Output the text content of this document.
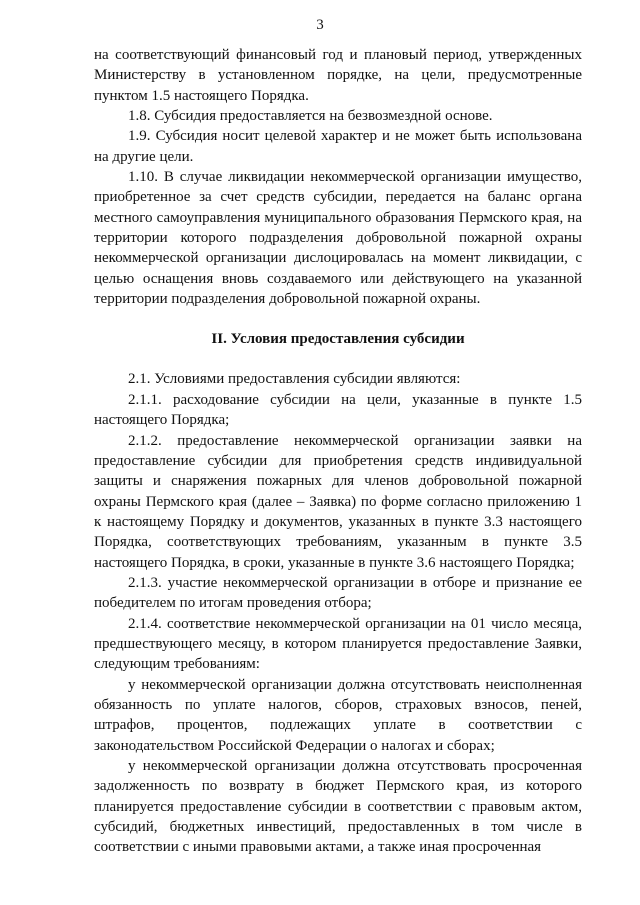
3

на соответствующий финансовый год и плановый период, утвержденных Министерству в установленном порядке, на цели, предусмотренные пунктом 1.5 настоящего Порядка.

1.8. Субсидия предоставляется на безвозмездной основе.

1.9. Субсидия носит целевой характер и не может быть использована на другие цели.

1.10. В случае ликвидации некоммерческой организации имущество, приобретенное за счет средств субсидии, передается на баланс органа местного самоуправления муниципального образования Пермского края, на территории которого подразделения добровольной пожарной охраны некоммерческой организации дислоцировалась на момент ликвидации, с целью оснащения вновь создаваемого или действующего на указанной территории подразделения добровольной пожарной охраны.

II. Условия предоставления субсидии

2.1. Условиями предоставления субсидии являются:

2.1.1. расходование субсидии на цели, указанные в пункте 1.5 настоящего Порядка;

2.1.2. предоставление некоммерческой организации заявки на предоставление субсидии для приобретения средств индивидуальной защиты и снаряжения пожарных для членов добровольной пожарной охраны Пермского края (далее – Заявка) по форме согласно приложению 1 к настоящему Порядку и документов, указанных в пункте 3.3 настоящего Порядка, соответствующих требованиям, указанным в пункте 3.5 настоящего Порядка, в сроки, указанные в пункте 3.6 настоящего Порядка;

2.1.3. участие некоммерческой организации в отборе и признание ее победителем по итогам проведения отбора;

2.1.4. соответствие некоммерческой организации на 01 число месяца, предшествующего месяцу, в котором планируется предоставление Заявки, следующим требованиям:

у некоммерческой организации должна отсутствовать неисполненная обязанность по уплате налогов, сборов, страховых взносов, пеней, штрафов, процентов, подлежащих уплате в соответствии с законодательством Российской Федерации о налогах и сборах;

у некоммерческой организации должна отсутствовать просроченная задолженность по возврату в бюджет Пермского края, из которого планируется предоставление субсидии в соответствии с правовым актом, субсидий, бюджетных инвестиций, предоставленных в том числе в соответствии с иными правовыми актами, а также иная просроченная
